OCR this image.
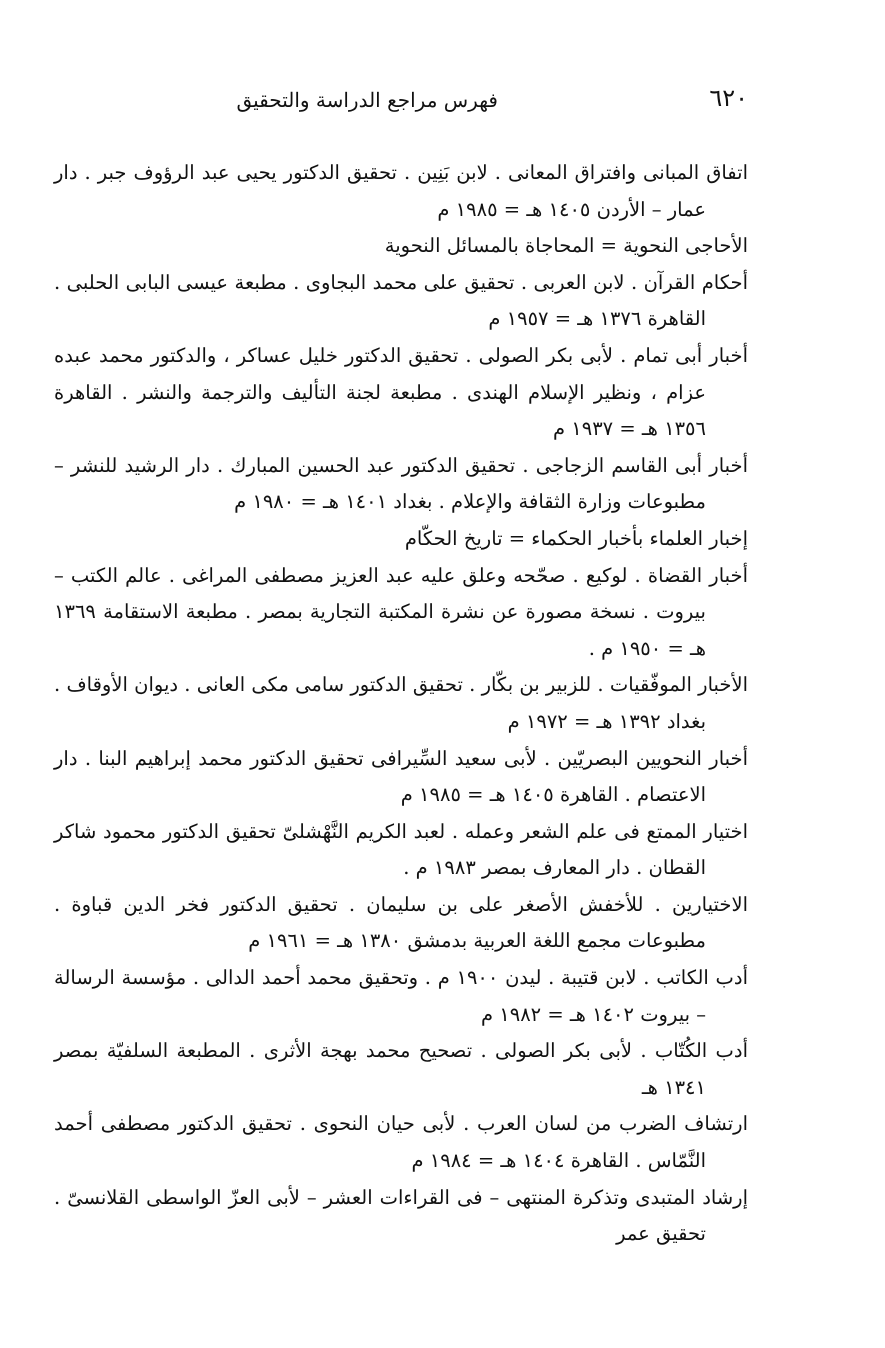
٦٢٠
فهرس مراجع الدراسة والتحقيق

اتفاق المبانى وافتراق المعانى . لابن بَنِين . تحقيق الدكتور يحيى عبد الرؤوف جبر . دار عمار – الأردن ١٤٠٥ هـ = ١٩٨٥ م

الأحاجى النحوية = المحاجاة بالمسائل النحوية

أحكام القرآن . لابن العربى . تحقيق على محمد البجاوى . مطبعة عيسى البابى الحلبى . القاهرة ١٣٧٦ هـ = ١٩٥٧ م

أخبار أبى تمام . لأبى بكر الصولى . تحقيق الدكتور خليل عساكر ، والدكتور محمد عبده عزام ، ونظير الإسلام الهندى . مطبعة لجنة التأليف والترجمة والنشر . القاهرة ١٣٥٦ هـ = ١٩٣٧ م

أخبار أبى القاسم الزجاجى . تحقيق الدكتور عبد الحسين المبارك . دار الرشيد للنشر – مطبوعات وزارة الثقافة والإعلام . بغداد ١٤٠١ هـ = ١٩٨٠ م

إخبار العلماء بأخبار الحكماء = تاريخ الحكّام

أخبار القضاة . لوكيع . صحّحه وعلق عليه عبد العزيز مصطفى المراغى . عالم الكتب – بيروت . نسخة مصورة عن نشرة المكتبة التجارية بمصر . مطبعة الاستقامة ١٣٦٩ هـ = ١٩٥٠ م .

الأخبار الموفّقيات . للزبير بن بكّار . تحقيق الدكتور سامى مكى العانى . ديوان الأوقاف . بغداد ١٣٩٢ هـ = ١٩٧٢ م

أخبار النحويين البصريّين . لأبى سعيد السِّيرافى تحقيق الدكتور محمد إبراهيم البنا . دار الاعتصام . القاهرة ١٤٠٥ هـ = ١٩٨٥ م

اختيار الممتع فى علم الشعر وعمله . لعبد الكريم النَّهْشلىّ تحقيق الدكتور محمود شاكر القطان . دار المعارف بمصر ١٩٨٣ م .

الاختيارين . للأخفش الأصغر على بن سليمان . تحقيق الدكتور فخر الدين قباوة . مطبوعات مجمع اللغة العربية بدمشق ١٣٨٠ هـ = ١٩٦١ م

أدب الكاتب . لابن قتيبة . ليدن ١٩٠٠ م . وتحقيق محمد أحمد الدالى . مؤسسة الرسالة – بيروت ١٤٠٢ هـ = ١٩٨٢ م

أدب الكُتّاب . لأبى بكر الصولى . تصحيح محمد بهجة الأثرى . المطبعة السلفيّة بمصر ١٣٤١ هـ

ارتشاف الضرب من لسان العرب . لأبى حيان النحوى . تحقيق الدكتور مصطفى أحمد النَّمّاس . القاهرة ١٤٠٤ هـ = ١٩٨٤ م

إرشاد المتبدى وتذكرة المنتهى – فى القراءات العشر – لأبى العزّ الواسطى القلانسىّ . تحقيق عمر
